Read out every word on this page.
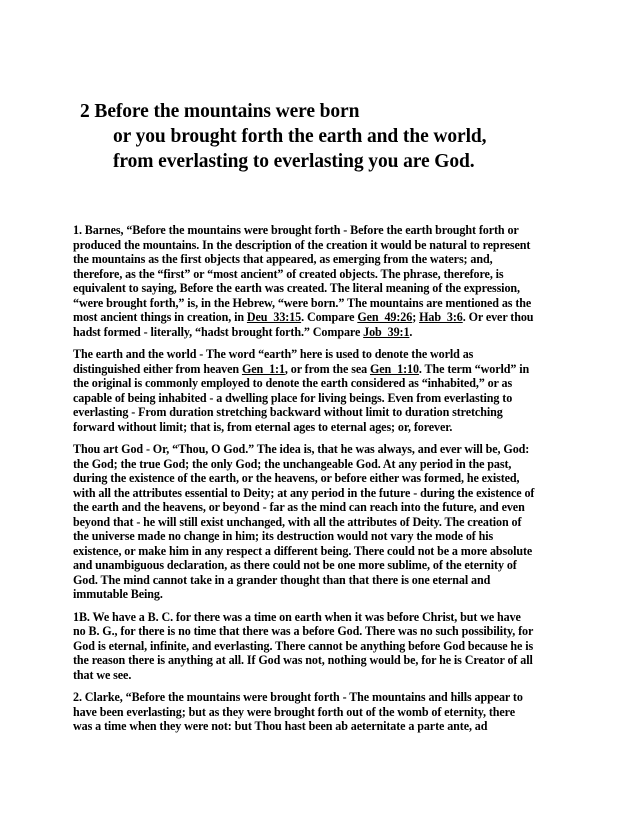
2 Before the mountains were born
or you brought forth the earth and the world,
from everlasting to everlasting you are God.
1. Barnes, “Before the mountains were brought forth - Before the earth brought forth or
produced the mountains. In the description of the creation it would be natural to represent
the mountains as the first objects that appeared, as emerging from the waters; and,
therefore, as the “first” or “most ancient” of created objects. The phrase, therefore, is
equivalent to saying, Before the earth was created. The literal meaning of the expression,
“were brought forth,” is, in the Hebrew, “were born.” The mountains are mentioned as the
most ancient things in creation, in Deu_33:15. Compare Gen_49:26; Hab_3:6. Or ever thou
hadst formed - literally, “hadst brought forth.” Compare Job_39:1.
The earth and the world - The word “earth” here is used to denote the world as
distinguished either from heaven Gen_1:1, or from the sea Gen_1:10. The term “world” in
the original is commonly employed to denote the earth considered as “inhabited,” or as
capable of being inhabited - a dwelling place for living beings. Even from everlasting to
everlasting - From duration stretching backward without limit to duration stretching
forward without limit; that is, from eternal ages to eternal ages; or, forever.
Thou art God - Or, “Thou, O God.” The idea is, that he was always, and ever will be, God:
the God; the true God; the only God; the unchangeable God. At any period in the past,
during the existence of the earth, or the heavens, or before either was formed, he existed,
with all the attributes essential to Deity; at any period in the future - during the existence of
the earth and the heavens, or beyond - far as the mind can reach into the future, and even
beyond that - he will still exist unchanged, with all the attributes of Deity. The creation of
the universe made no change in him; its destruction would not vary the mode of his
existence, or make him in any respect a different being. There could not be a more absolute
and unambiguous declaration, as there could not be one more sublime, of the eternity of
God. The mind cannot take in a grander thought than that there is one eternal and
immutable Being.
1B. We have a B. C. for there was a time on earth when it was before Christ, but we have
no B. G., for there is no time that there was a before God. There was no such possibility, for
God is eternal, infinite, and everlasting. There cannot be anything before God because he is
the reason there is anything at all. If God was not, nothing would be, for he is Creator of all
that we see.
2. Clarke, “Before the mountains were brought forth - The mountains and hills appear to
have been everlasting; but as they were brought forth out of the womb of eternity, there
was a time when they were not: but Thou hast been ab aeternitate a parte ante, ad
